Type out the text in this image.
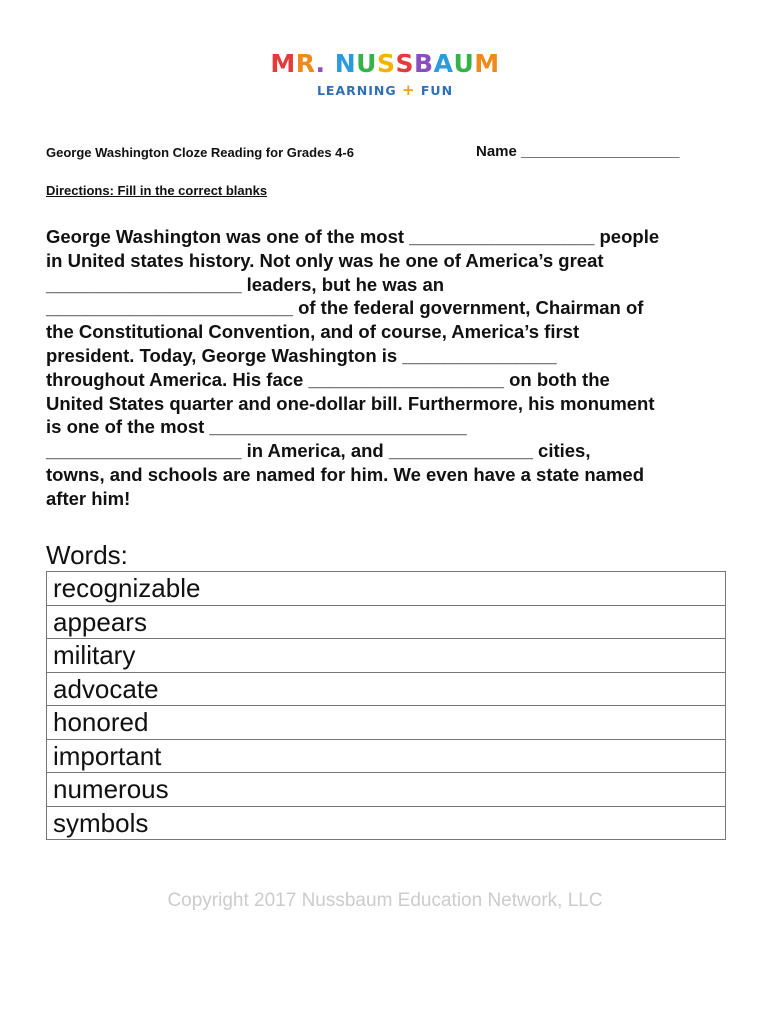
MR. NUSSBAUM
LEARNING + FUN
George Washington Cloze Reading for Grades 4-6	Name ___________________
Directions: Fill in the correct blanks
George Washington was one of the most __________________ people
in United states history. Not only was he one of America’s great
___________________ leaders, but he was an
________________________ of the federal government, Chairman of
the Constitutional Convention, and of course, America’s first
president. Today, George Washington is _______________
throughout America. His face ___________________ on both the
United States quarter and one-dollar bill. Furthermore, his monument
is one of the most _________________________
___________________ in America, and ______________ cities,
towns, and schools are named for him. We even have a state named
after him!
Words:
recognizable
appears
military
advocate
honored
important
numerous
symbols
Copyright 2017 Nussbaum Education Network, LLC
